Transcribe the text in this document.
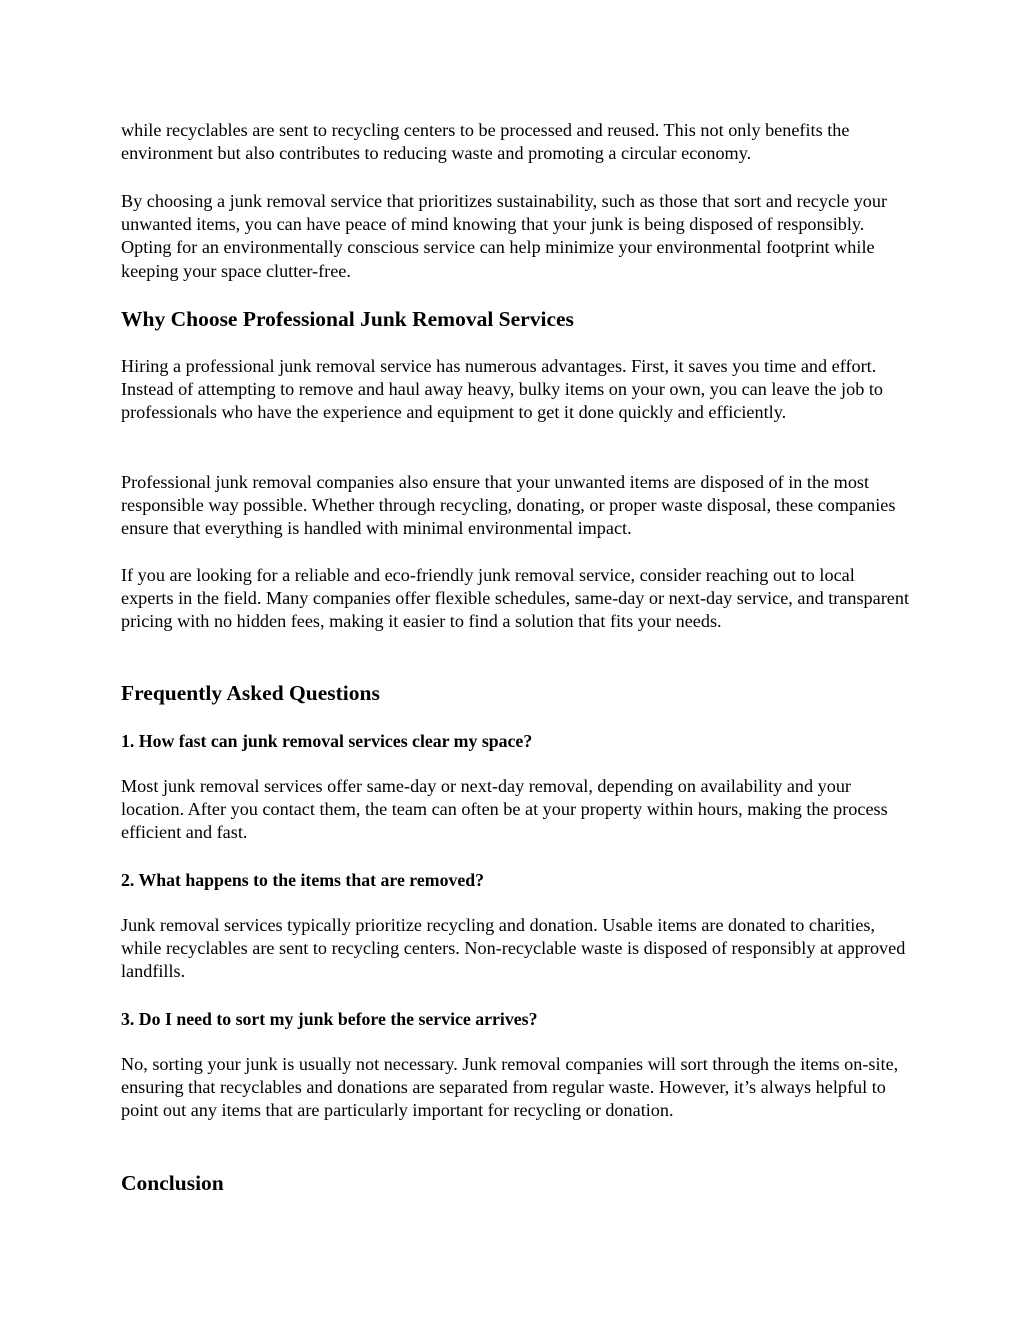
while recyclables are sent to recycling centers to be processed and reused. This not only benefits the environment but also contributes to reducing waste and promoting a circular economy.

By choosing a junk removal service that prioritizes sustainability, such as those that sort and recycle your unwanted items, you can have peace of mind knowing that your junk is being disposed of responsibly. Opting for an environmentally conscious service can help minimize your environmental footprint while keeping your space clutter-free.

Why Choose Professional Junk Removal Services

Hiring a professional junk removal service has numerous advantages. First, it saves you time and effort. Instead of attempting to remove and haul away heavy, bulky items on your own, you can leave the job to professionals who have the experience and equipment to get it done quickly and efficiently.

Professional junk removal companies also ensure that your unwanted items are disposed of in the most responsible way possible. Whether through recycling, donating, or proper waste disposal, these companies ensure that everything is handled with minimal environmental impact.

If you are looking for a reliable and eco-friendly junk removal service, consider reaching out to local experts in the field. Many companies offer flexible schedules, same-day or next-day service, and transparent pricing with no hidden fees, making it easier to find a solution that fits your needs.

Frequently Asked Questions
1. How fast can junk removal services clear my space?

Most junk removal services offer same-day or next-day removal, depending on availability and your location. After you contact them, the team can often be at your property within hours, making the process efficient and fast.

2. What happens to the items that are removed?

Junk removal services typically prioritize recycling and donation. Usable items are donated to charities, while recyclables are sent to recycling centers. Non-recyclable waste is disposed of responsibly at approved landfills.

3. Do I need to sort my junk before the service arrives?

No, sorting your junk is usually not necessary. Junk removal companies will sort through the items on-site, ensuring that recyclables and donations are separated from regular waste. However, it’s always helpful to point out any items that are particularly important for recycling or donation.

Conclusion
